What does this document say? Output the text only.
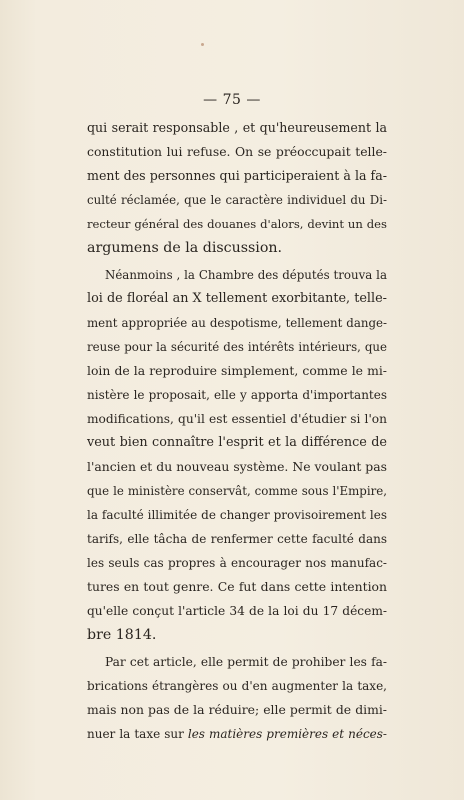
— 75 —
qui serait responsable , et qu'heureusement la
constitution lui refuse. On se préoccupait telle-
ment des personnes qui participeraient à la fa-
culté réclamée, que le caractère individuel du Di-
recteur général des douanes d'alors, devint un des
argumens de la discussion.
Néanmoins , la Chambre des députés trouva la
loi de floréal an X tellement exorbitante, telle-
ment appropriée au despotisme, tellement dange-
reuse pour la sécurité des intérêts intérieurs, que
loin de la reproduire simplement, comme le mi-
nistère le proposait, elle y apporta d'importantes
modifications, qu'il est essentiel d'étudier si l'on
veut bien connaître l'esprit et la différence de
l'ancien et du nouveau système. Ne voulant pas
que le ministère conservât, comme sous l'Empire,
la faculté illimitée de changer provisoirement les
tarifs, elle tâcha de renfermer cette faculté dans
les seuls cas propres à encourager nos manufac-
tures en tout genre. Ce fut dans cette intention
qu'elle conçut l'article 34 de la loi du 17 décem-
bre 1814.
Par cet article, elle permit de prohiber les fa-
brications étrangères ou d'en augmenter la taxe,
mais non pas de la réduire; elle permit de dimi-
nuer la taxe sur les matières premières et néces-
